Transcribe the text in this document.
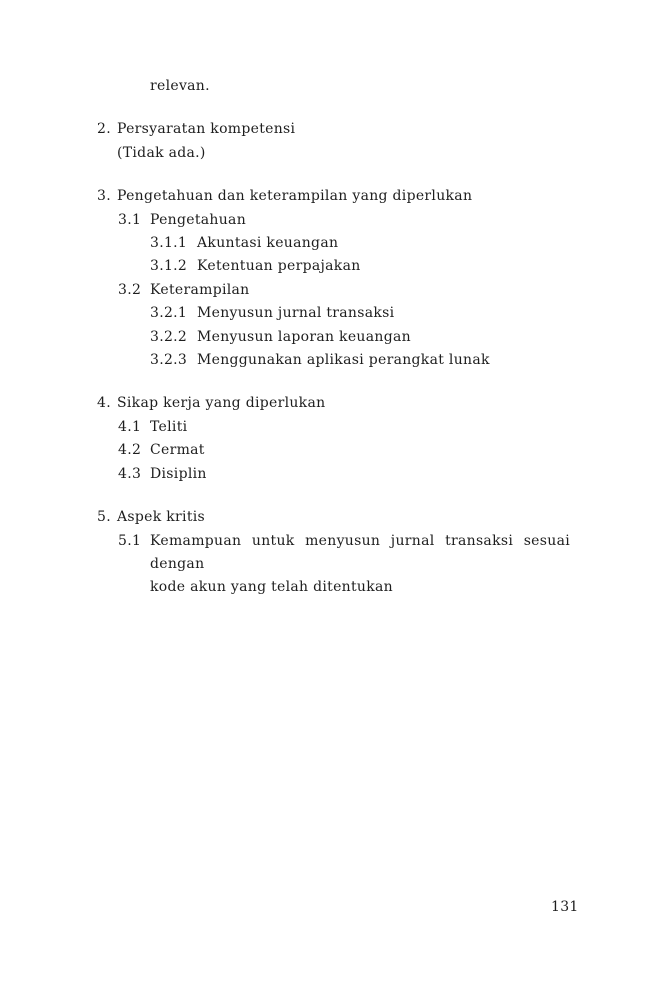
relevan.
2. Persyaratan kompetensi
(Tidak ada.)
3. Pengetahuan dan keterampilan yang diperlukan
3.1 Pengetahuan
3.1.1 Akuntasi keuangan
3.1.2 Ketentuan perpajakan
3.2 Keterampilan
3.2.1 Menyusun jurnal transaksi
3.2.2 Menyusun laporan keuangan
3.2.3 Menggunakan aplikasi perangkat lunak
4. Sikap kerja yang diperlukan
4.1 Teliti
4.2 Cermat
4.3 Disiplin
5. Aspek kritis
5.1 Kemampuan untuk menyusun jurnal transaksi sesuai dengan
kode akun yang telah ditentukan
131
